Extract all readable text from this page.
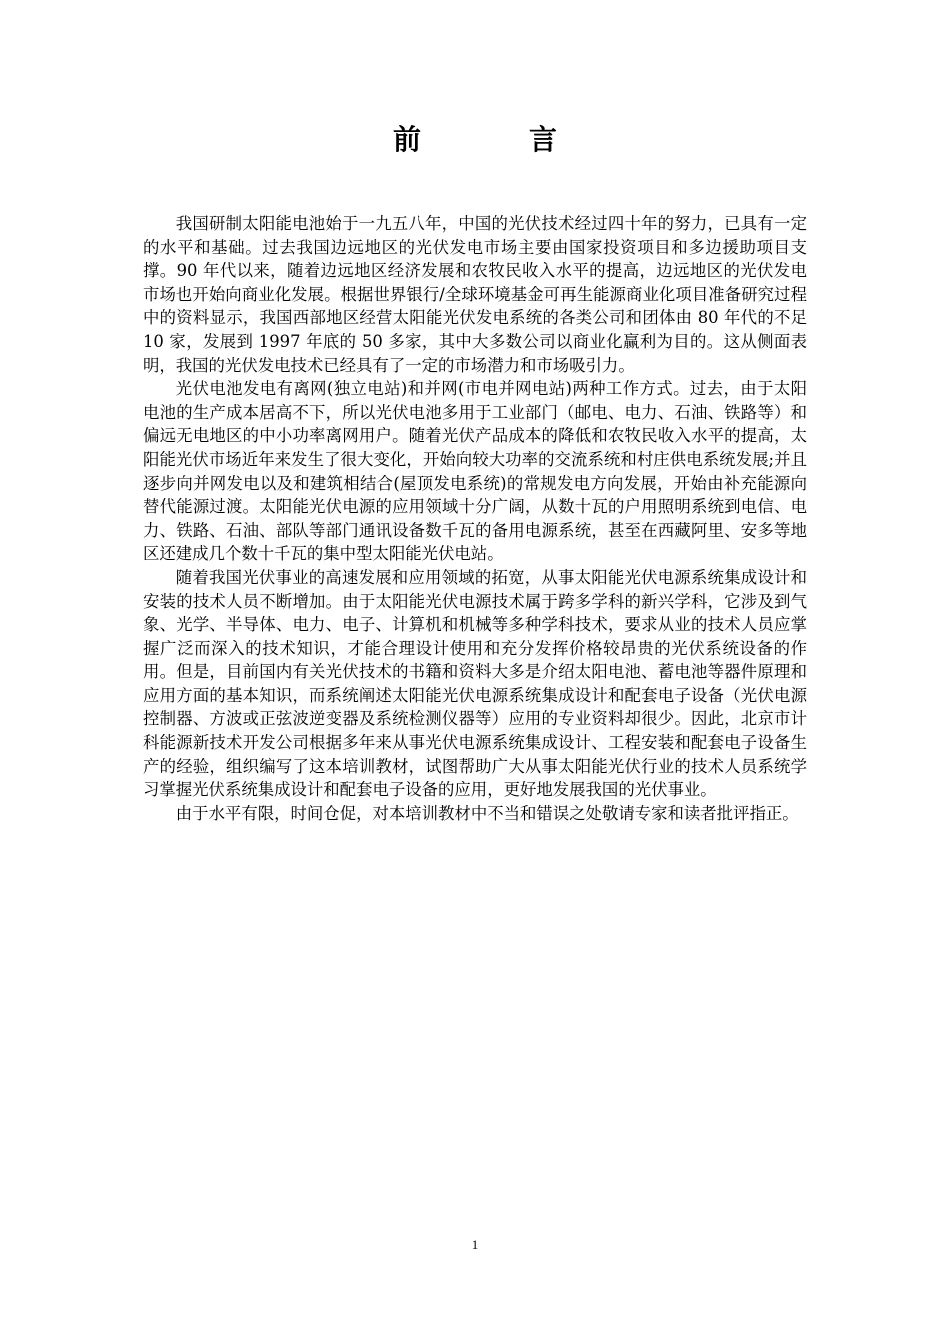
前　言

我国研制太阳能电池始于一九五八年，中国的光伏技术经过四十年的努力，已具有一定的水平和基础。过去我国边远地区的光伏发电市场主要由国家投资项目和多边援助项目支撑。90 年代以来，随着边远地区经济发展和农牧民收入水平的提高，边远地区的光伏发电市场也开始向商业化发展。根据世界银行/全球环境基金可再生能源商业化项目准备研究过程中的资料显示，我国西部地区经营太阳能光伏发电系统的各类公司和团体由 80 年代的不足 10 家，发展到 1997 年底的 50 多家，其中大多数公司以商业化赢利为目的。这从侧面表明，我国的光伏发电技术已经具有了一定的市场潜力和市场吸引力。

光伏电池发电有离网(独立电站)和并网(市电并网电站)两种工作方式。过去，由于太阳电池的生产成本居高不下，所以光伏电池多用于工业部门（邮电、电力、石油、铁路等）和偏远无电地区的中小功率离网用户。随着光伏产品成本的降低和农牧民收入水平的提高，太阳能光伏市场近年来发生了很大变化，开始向较大功率的交流系统和村庄供电系统发展;并且逐步向并网发电以及和建筑相结合(屋顶发电系统)的常规发电方向发展，开始由补充能源向替代能源过渡。太阳能光伏电源的应用领域十分广阔，从数十瓦的户用照明系统到电信、电力、铁路、石油、部队等部门通讯设备数千瓦的备用电源系统，甚至在西藏阿里、安多等地区还建成几个数十千瓦的集中型太阳能光伏电站。

随着我国光伏事业的高速发展和应用领域的拓宽，从事太阳能光伏电源系统集成设计和安装的技术人员不断增加。由于太阳能光伏电源技术属于跨多学科的新兴学科，它涉及到气象、光学、半导体、电力、电子、计算机和机械等多种学科技术，要求从业的技术人员应掌握广泛而深入的技术知识，才能合理设计使用和充分发挥价格较昂贵的光伏系统设备的作用。但是，目前国内有关光伏技术的书籍和资料大多是介绍太阳电池、蓄电池等器件原理和应用方面的基本知识，而系统阐述太阳能光伏电源系统集成设计和配套电子设备（光伏电源控制器、方波或正弦波逆变器及系统检测仪器等）应用的专业资料却很少。因此，北京市计科能源新技术开发公司根据多年来从事光伏电源系统集成设计、工程安装和配套电子设备生产的经验，组织编写了这本培训教材，试图帮助广大从事太阳能光伏行业的技术人员系统学习掌握光伏系统集成设计和配套电子设备的应用，更好地发展我国的光伏事业。

由于水平有限，时间仓促，对本培训教材中不当和错误之处敬请专家和读者批评指正。

1
